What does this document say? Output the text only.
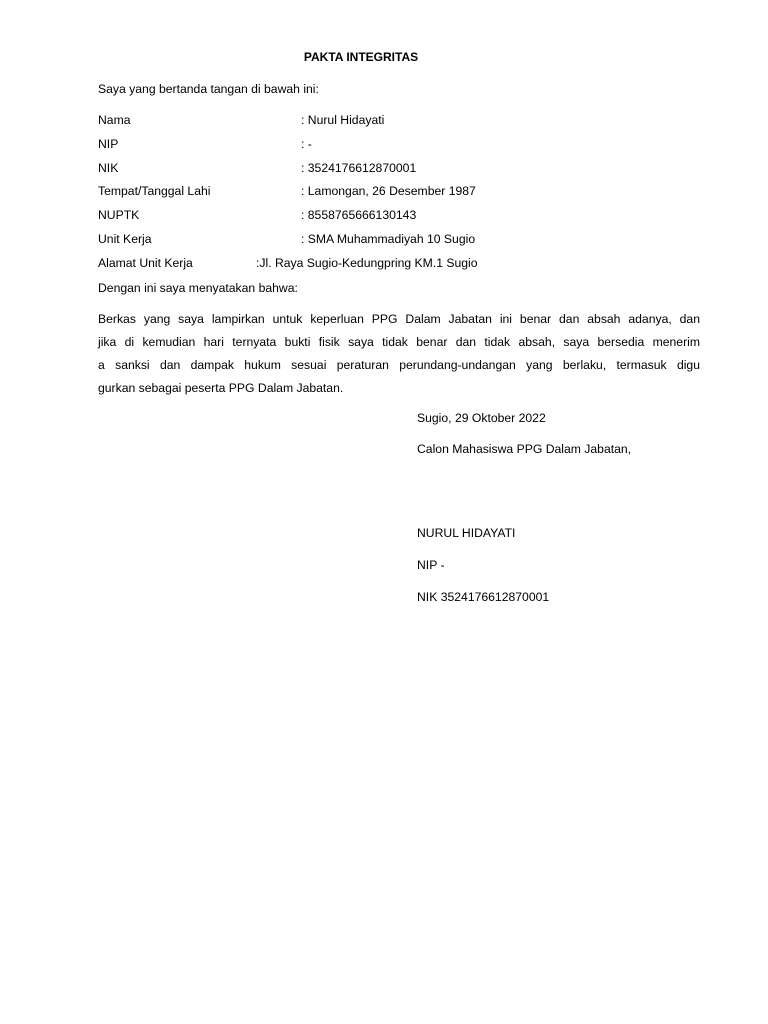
PAKTA INTEGRITAS
Saya yang bertanda tangan di bawah ini:
Nama	: Nurul Hidayati
NIP	: -
NIK	: 3524176612870001
Tempat/Tanggal Lahi	: Lamongan, 26 Desember 1987
NUPTK	: 8558765666130143
Unit Kerja	: SMA Muhammadiyah 10 Sugio
Alamat Unit Kerja	:Jl. Raya Sugio-Kedungpring KM.1 Sugio
Dengan ini saya menyatakan bahwa:
Berkas yang saya lampirkan untuk keperluan PPG Dalam Jabatan ini benar dan absah adanya, dan
jika di kemudian hari ternyata bukti fisik saya tidak benar dan tidak absah, saya bersedia menerim
a sanksi dan dampak hukum sesuai peraturan perundang-undangan yang berlaku, termasuk digu
gurkan sebagai peserta PPG Dalam Jabatan.
Sugio, 29 Oktober 2022
Calon Mahasiswa PPG Dalam Jabatan,
NURUL HIDAYATI
NIP -
NIK 3524176612870001
